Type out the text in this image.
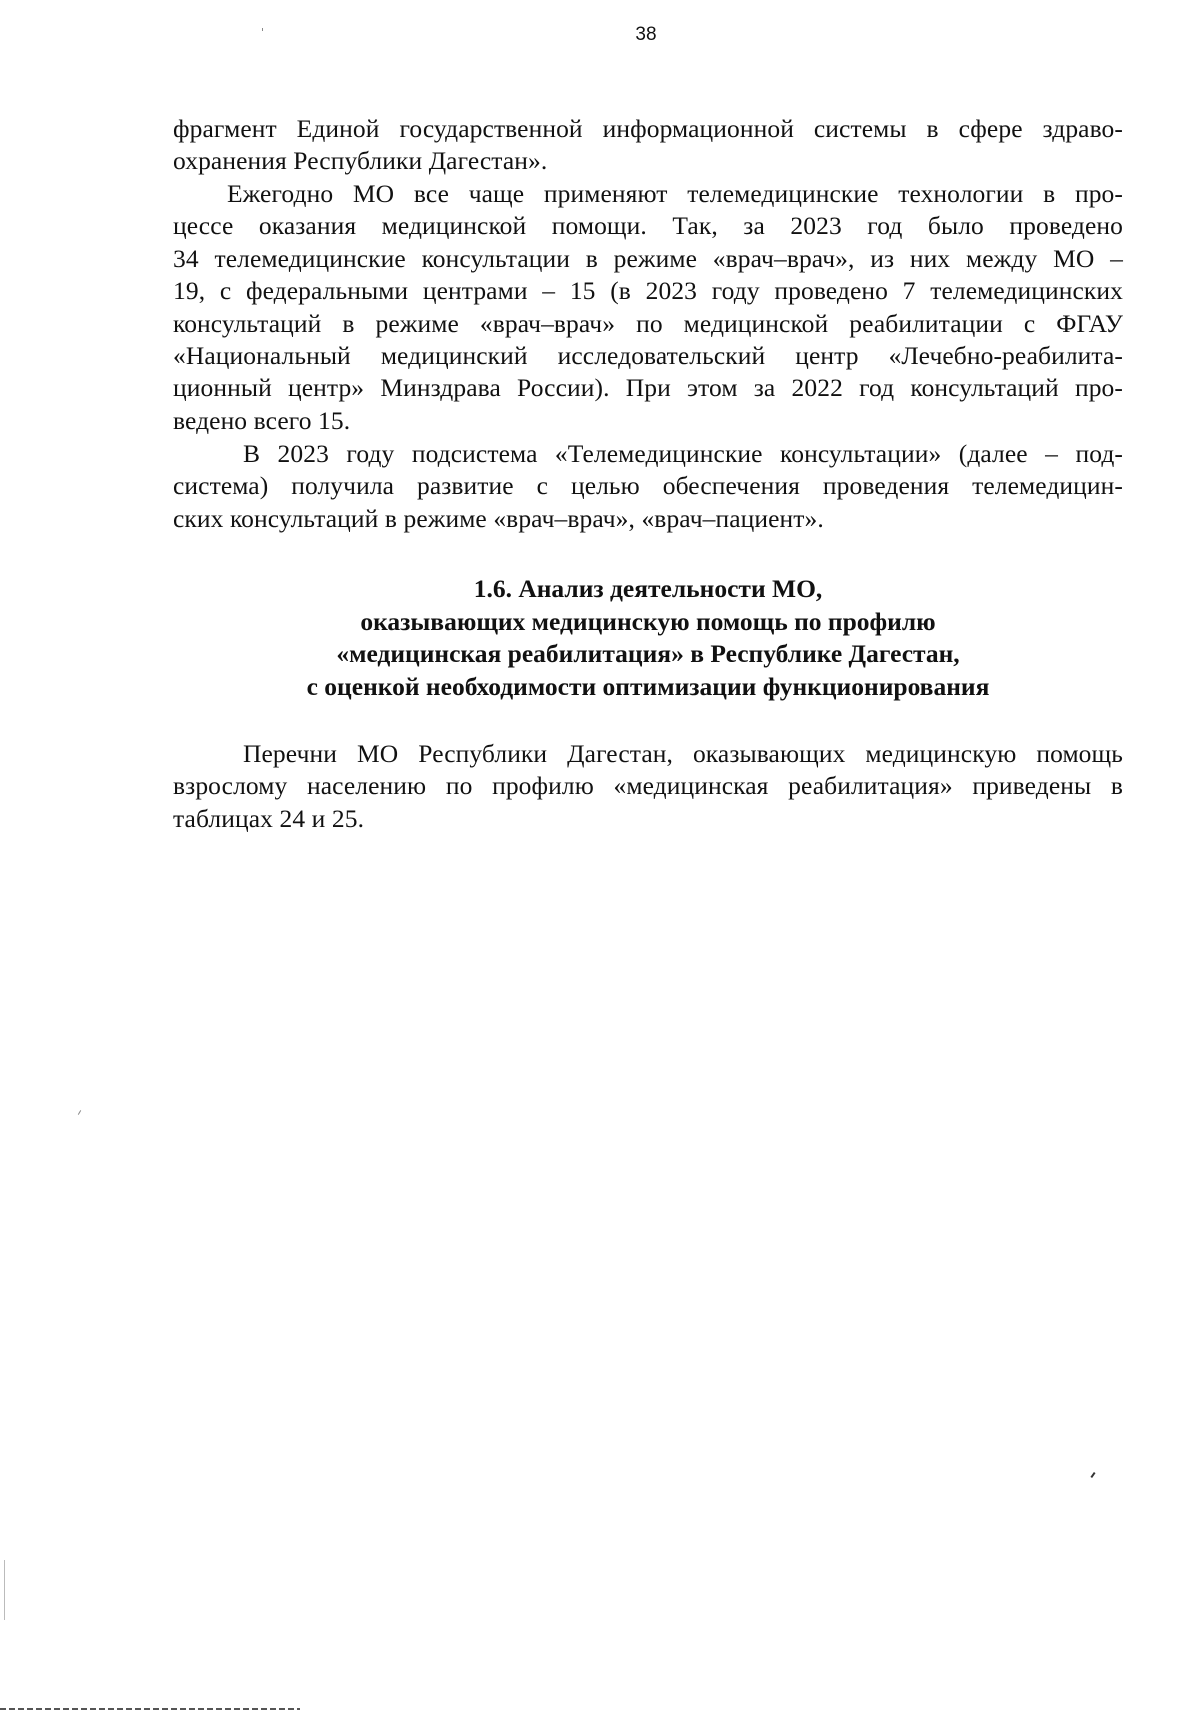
38
фрагмент Единой государственной информационной системы в сфере здраво-
охранения Республики Дагестан».
Ежегодно МО все чаще применяют телемедицинские технологии в про-
цессе оказания медицинской помощи. Так, за 2023 год было проведено
34 телемедицинские консультации в режиме «врач–врач», из них между МО –
19, с федеральными центрами – 15 (в 2023 году проведено 7 телемедицинских
консультаций в режиме «врач–врач» по медицинской реабилитации с ФГАУ
«Национальный медицинский исследовательский центр «Лечебно-реабилита-
ционный центр» Минздрава России). При этом за 2022 год консультаций про-
ведено всего 15.
В 2023 году подсистема «Телемедицинские консультации» (далее – под-
система) получила развитие с целью обеспечения проведения телемедицин-
ских консультаций в режиме «врач–врач», «врач–пациент».
1.6. Анализ деятельности МО,
оказывающих медицинскую помощь по профилю
«медицинская реабилитация» в Республике Дагестан,
с оценкой необходимости оптимизации функционирования
Перечни МО Республики Дагестан, оказывающих медицинскую помощь
взрослому населению по профилю «медицинская реабилитация» приведены в
таблицах 24 и 25.
